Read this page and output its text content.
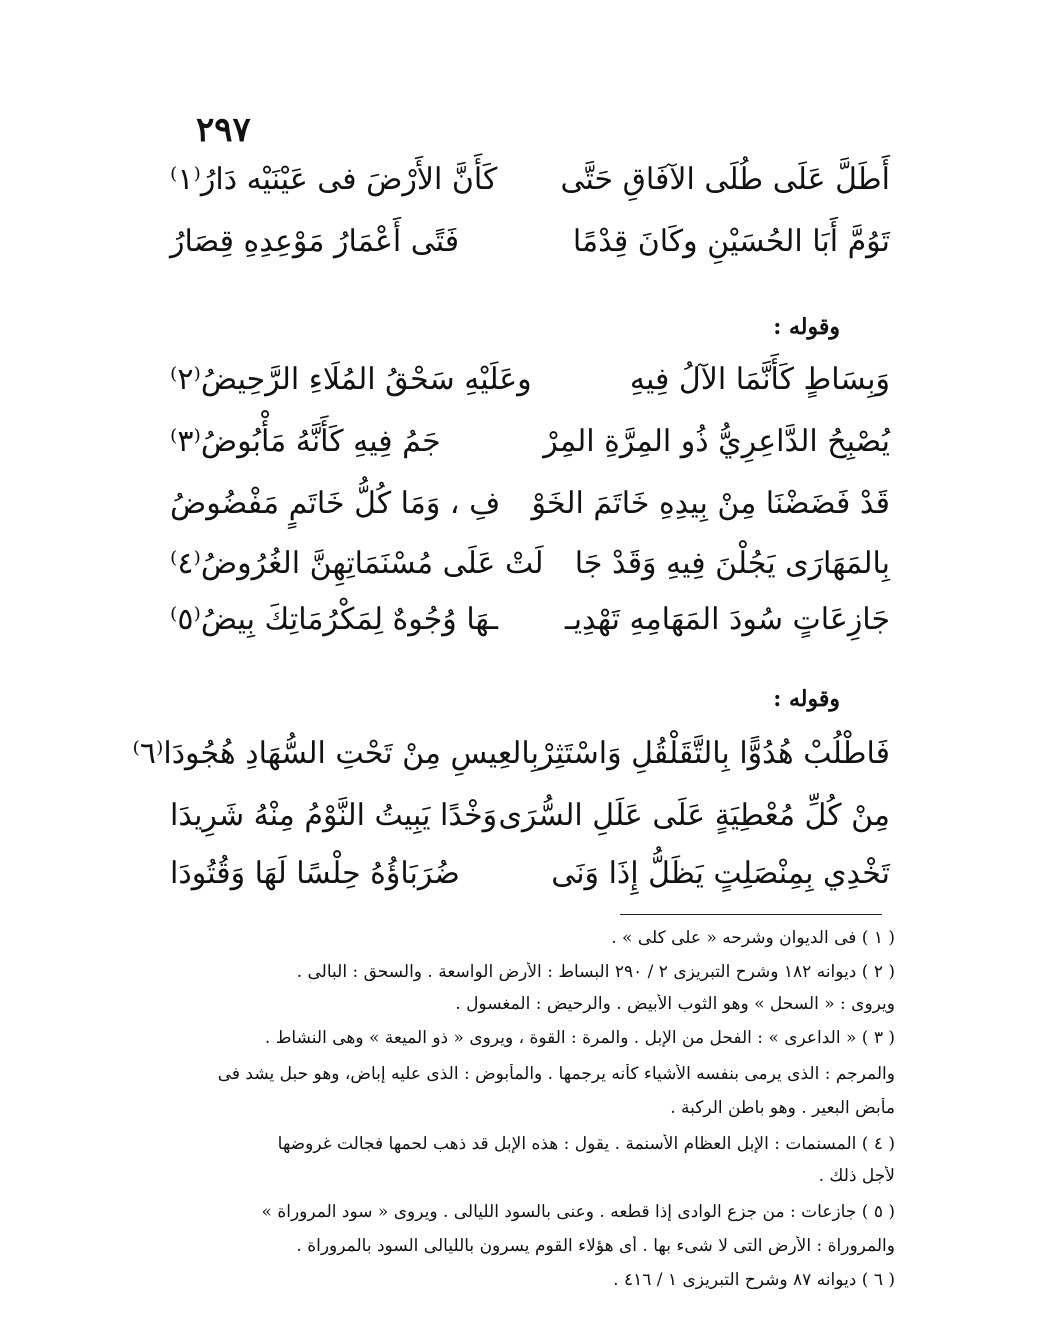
٢٩٧
أَطَلَّ عَلَى طُلَى الآفَاقِ حَتَّى
كَأَنَّ الأَرْضَ فى عَيْنَيْه دَارُ⁽١⁾
تَوُمَّ أَبَا الحُسَيْنِ وكَانَ قِدْمًا
فَتًى أَعْمَارُ مَوْعِدِهِ قِصَارُ
وقوله :
وَبِسَاطٍ كَأَنَّمَا الآلُ فِيهِ
وعَلَيْهِ سَحْقُ المُلَاءِ الرَّحِيضُ⁽٢⁾
يُصْبِحُ الدَّاعِرِيُّ ذُو المِرَّةِ المِرْ
جَمُ فِيهِ كَأَنَّهُ مَأْبُوضُ⁽٣⁾
قَدْ فَضَضْنَا مِنْ بِيدِهِ خَاتَمَ الخَوْ
فِ ، وَمَا كُلُّ خَاتَمٍ مَفْضُوضُ
بِالمَهَارَى يَجُلْنَ فِيهِ وَقَدْ جَا
لَتْ عَلَى مُسْنَمَاتِهِنَّ الغُرُوضُ⁽٤⁾
جَازِعَاتٍ سُودَ المَهَامِهِ تَهْدِيـ
ـهَا وُجُوهٌ لِمَكْرُمَاتِكَ بِيضُ⁽٥⁾
وقوله :
فَاطْلُبْ هُدُوًّا بِالتَّقَلْقُلِ وَاسْتَثِرْ
بِالعِيسِ مِنْ تَحْتِ السُّهَادِ هُجُودَا⁽٦⁾
مِنْ كُلِّ مُعْطِيَةٍ عَلَى عَلَلِ السُّرَى
وَخْدًا يَبِيتُ النَّوْمُ مِنْهُ شَرِيدَا
تَخْدِي بِمِنْصَلِتٍ يَظَلُّ إِذَا وَنَى
ضُرَبَاؤُهُ حِلْسًا لَهَا وَقُتُودَا
( ١ ) فى الديوان وشرحه « على كلى » .
( ٢ ) ديوانه ١٨٢ وشرح التبريزى ٢ / ٢٩٠ البساط : الأرض الواسعة . والسحق : البالى .
ويروى : « السحل » وهو الثوب الأبيض . والرحيض : المغسول .
( ٣ ) « الداعرى » : الفحل من الإبل . والمرة : القوة ، ويروى « ذو الميعة » وهى النشاط .
والمرجم : الذى يرمى بنفسه الأشياء كأنه يرجمها . والمأبوض : الذى عليه إباض، وهو حبل يشد فى
مأبض البعير . وهو باطن الركبة .
( ٤ ) المسنمات : الإبل العظام الأسنمة . يقول : هذه الإبل قد ذهب لحمها فجالت غروضها
لأجل ذلك .
( ٥ ) جازعات : من جزع الوادى إذا قطعه . وعنى بالسود الليالى . ويروى « سود المروراة »
والمروراة : الأرض التى لا شىء بها . أى هؤلاء القوم يسرون بالليالى السود بالمروراة .
( ٦ ) ديوانه ٨٧ وشرح التبريزى ١ / ٤١٦ .
